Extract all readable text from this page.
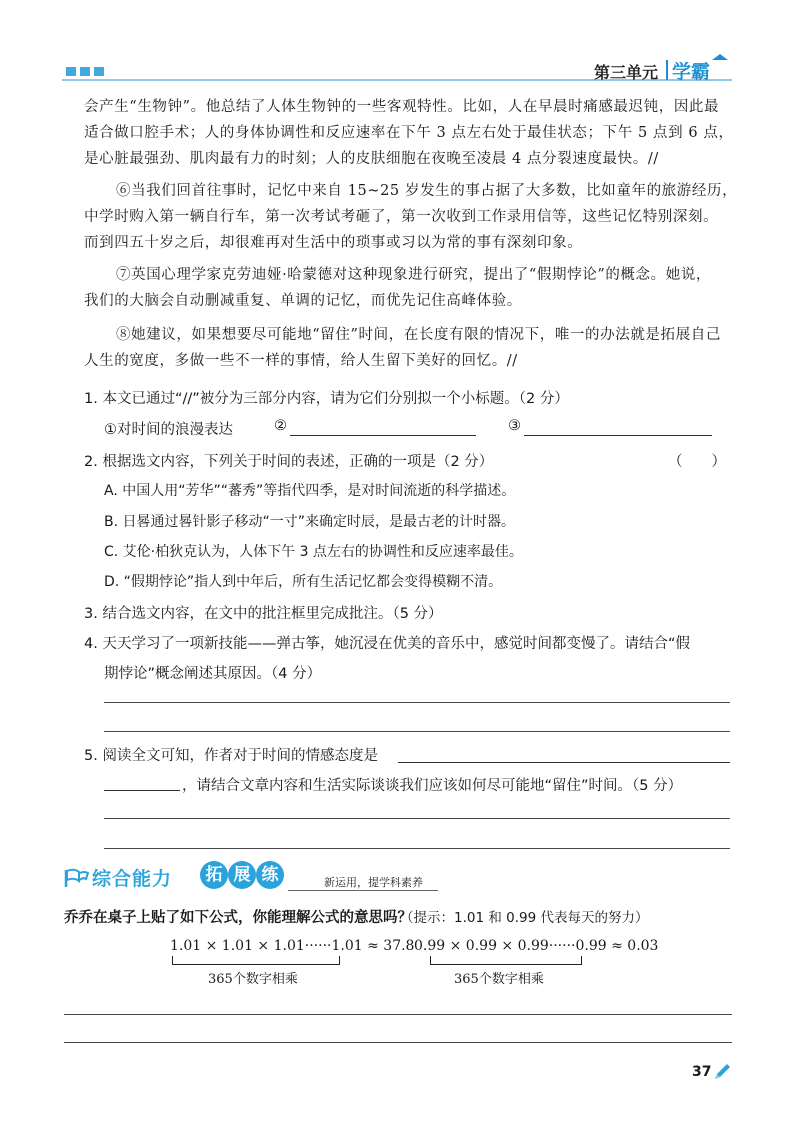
第三单元 学霸
会产生“生物钟”。他总结了人体生物钟的一些客观特性。比如，人在早晨时痛感最迟钝，因此最
适合做口腔手术；人的身体协调性和反应速率在下午 3 点左右处于最佳状态；下午 5 点到 6 点，
是心脏最强劲、肌肉最有力的时刻；人的皮肤细胞在夜晚至凌晨 4 点分裂速度最快。//
⑥当我们回首往事时，记忆中来自 15~25 岁发生的事占据了大多数，比如童年的旅游经历，
中学时购入第一辆自行车，第一次考试考砸了，第一次收到工作录用信等，这些记忆特别深刻。
而到四五十岁之后，却很难再对生活中的琐事或习以为常的事有深刻印象。
⑦英国心理学家克劳迪娅·哈蒙德对这种现象进行研究，提出了“假期悖论”的概念。她说，
我们的大脑会自动删减重复、单调的记忆，而优先记住高峰体验。
⑧她建议，如果想要尽可能地“留住”时间，在长度有限的情况下，唯一的办法就是拓展自己
人生的宽度，多做一些不一样的事情，给人生留下美好的回忆。//
1. 本文已通过“//”被分为三部分内容，请为它们分别拟一个小标题。（2 分）
①对时间的浪漫表达	②	③
2. 根据选文内容，下列关于时间的表述，正确的一项是（2 分）	（　　）
A. 中国人用“芳华”“蕃秀”等指代四季，是对时间流逝的科学描述。
B. 日晷通过晷针影子移动“一寸”来确定时辰，是最古老的计时器。
C. 艾伦·柏狄克认为，人体下午 3 点左右的协调性和反应速率最佳。
D. “假期悖论”指人到中年后，所有生活记忆都会变得模糊不清。
3. 结合选文内容，在文中的批注框里完成批注。（5 分）
4. 天天学习了一项新技能——弹古筝，她沉浸在优美的音乐中，感觉时间都变慢了。请结合“假
期悖论”概念阐述其原因。（4 分）
5. 阅读全文可知，作者对于时间的情感态度是
，请结合文章内容和生活实际谈谈我们应该如何尽可能地“留住”时间。（5 分）
综合能力	拓 展 练	新运用，提学科素养
乔乔在桌子上贴了如下公式，你能理解公式的意思吗？
（提示：1.01 和 0.99 代表每天的努力）
1.01 × 1.01 × 1.01······1.01 ≈ 37.8
365个数字相乘
0.99 × 0.99 × 0.99······0.99 ≈ 0.03
365个数字相乘
37
